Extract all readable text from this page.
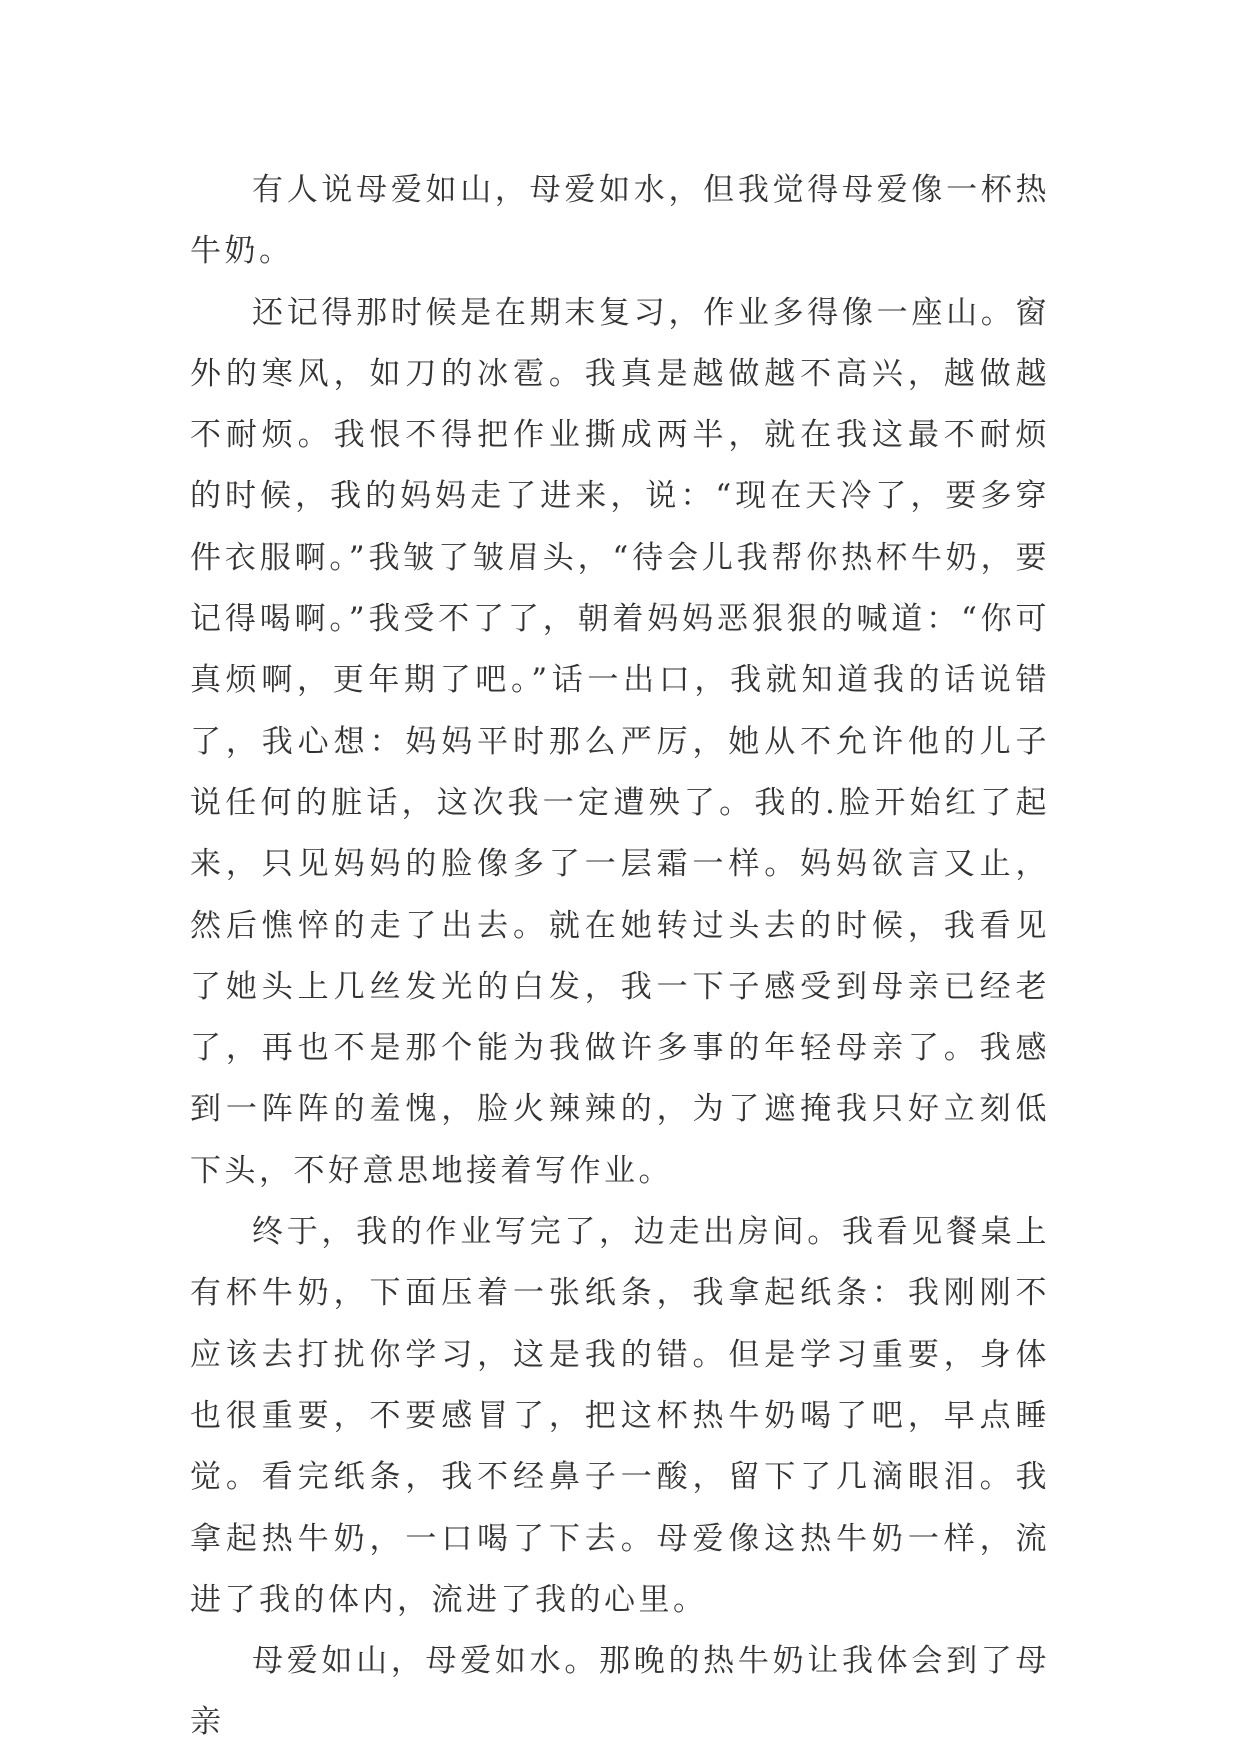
有人说母爱如山，母爱如水，但我觉得母爱像一杯热牛奶。

还记得那时候是在期末复习，作业多得像一座山。窗外的寒风，如刀的冰雹。我真是越做越不高兴，越做越不耐烦。我恨不得把作业撕成两半，就在我这最不耐烦的时候，我的妈妈走了进来，说：“现在天冷了，要多穿件衣服啊。”我皱了皱眉头，“待会儿我帮你热杯牛奶，要记得喝啊。”我受不了了，朝着妈妈恶狠狠的喊道：“你可真烦啊，更年期了吧。”话一出口，我就知道我的话说错了，我心想：妈妈平时那么严厉，她从不允许他的儿子说任何的脏话，这次我一定遭殃了。我的.脸开始红了起来，只见妈妈的脸像多了一层霜一样。妈妈欲言又止，然后憔悴的走了出去。就在她转过头去的时候，我看见了她头上几丝发光的白发，我一下子感受到母亲已经老了，再也不是那个能为我做许多事的年轻母亲了。我感到一阵阵的羞愧，脸火辣辣的，为了遮掩我只好立刻低下头，不好意思地接着写作业。

终于，我的作业写完了，边走出房间。我看见餐桌上有杯牛奶，下面压着一张纸条，我拿起纸条：我刚刚不应该去打扰你学习，这是我的错。但是学习重要，身体也很重要，不要感冒了，把这杯热牛奶喝了吧，早点睡觉。看完纸条，我不经鼻子一酸，留下了几滴眼泪。我拿起热牛奶，一口喝了下去。母爱像这热牛奶一样，流进了我的体内，流进了我的心里。

母爱如山，母爱如水。那晚的热牛奶让我体会到了母亲
